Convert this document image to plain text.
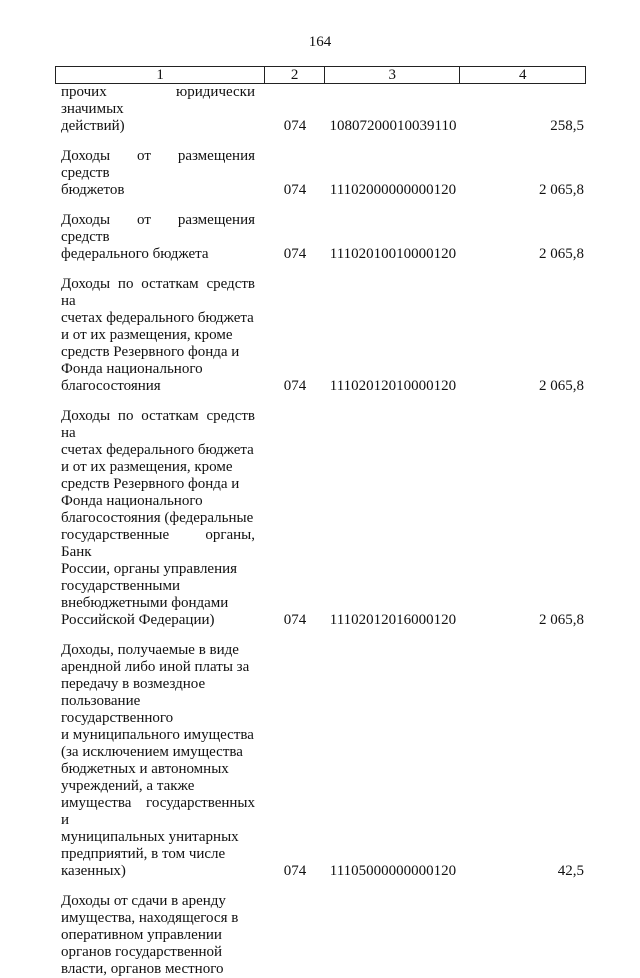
164
1	2	3	4
прочих юридически значимых
действий)	074	10807200010039110	258,5
Доходы от размещения средств
бюджетов	074	11102000000000120	2 065,8
Доходы от размещения средств
федерального бюджета	074	11102010010000120	2 065,8
Доходы по остаткам средств на
счетах федерального бюджета
и от их размещения, кроме
средств Резервного фонда и
Фонда национального
благосостояния	074	11102012010000120	2 065,8
Доходы по остаткам средств на
счетах федерального бюджета
и от их размещения, кроме
средств Резервного фонда и
Фонда национального
благосостояния (федеральные
государственные органы, Банк
России, органы управления
государственными
внебюджетными фондами
Российской Федерации)	074	11102012016000120	2 065,8
Доходы, получаемые в виде
арендной либо иной платы за
передачу в возмездное
пользование государственного
и муниципального имущества
(за исключением имущества
бюджетных и автономных
учреждений, а также
имущества государственных и
муниципальных унитарных
предприятий, в том числе
казенных)	074	11105000000000120	42,5
Доходы от сдачи в аренду
имущества, находящегося в
оперативном управлении
органов государственной
власти, органов местного
